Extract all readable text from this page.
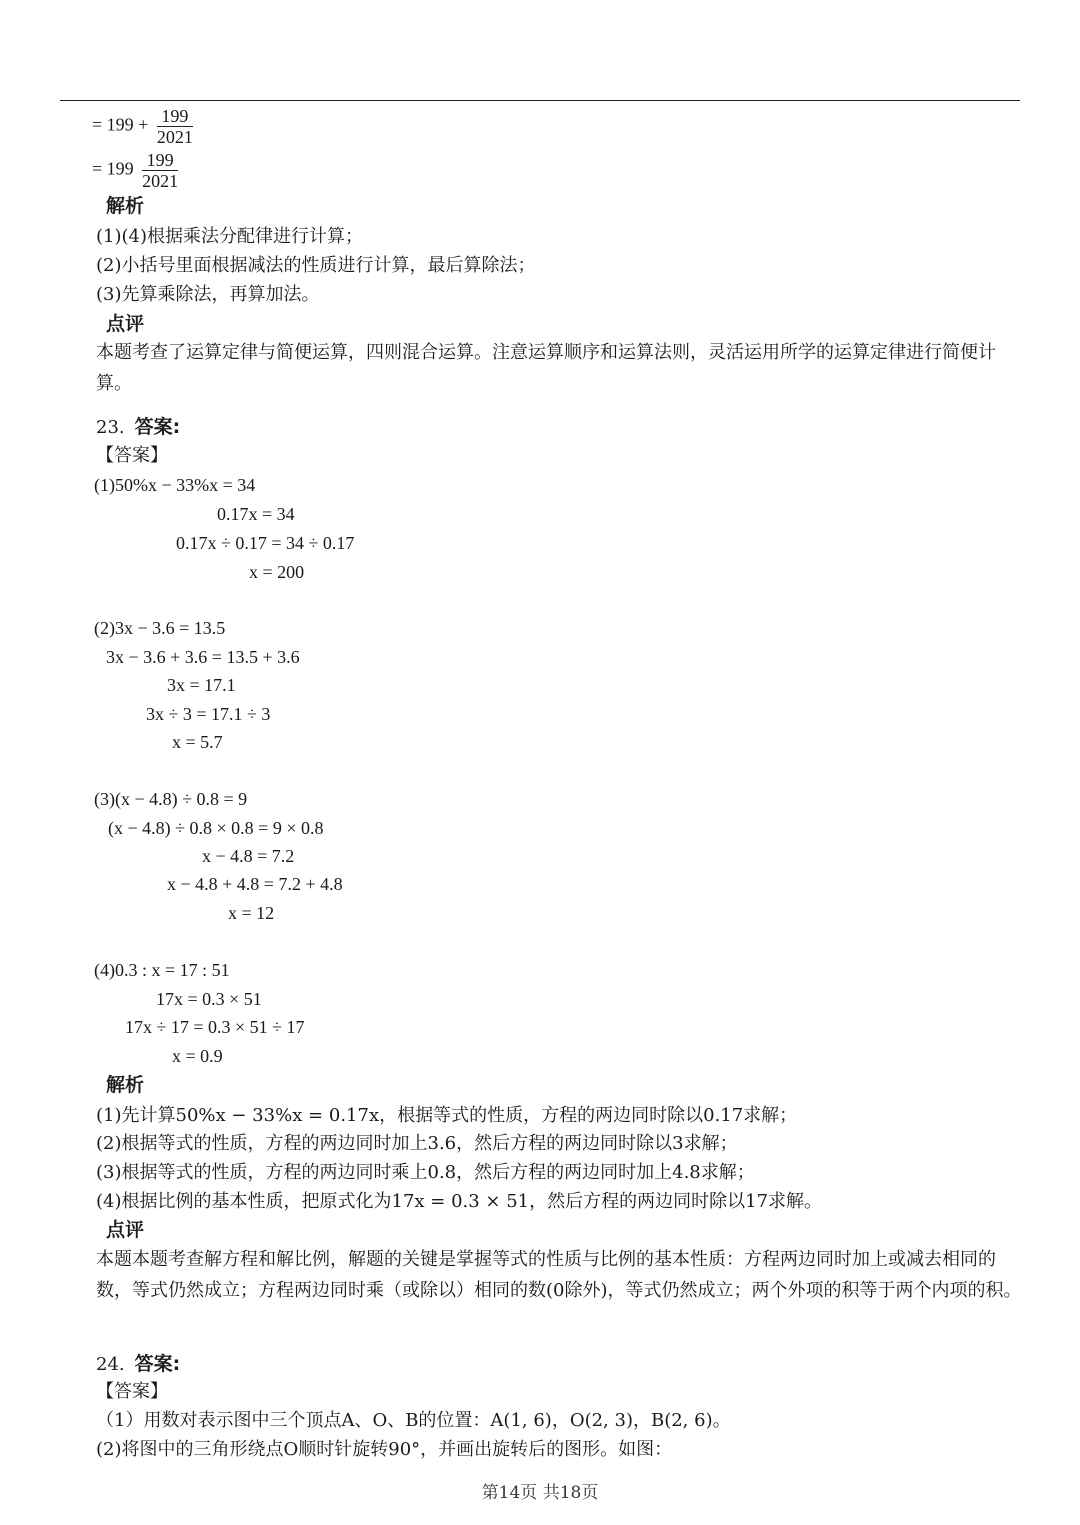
= $199 + \frac{199}{2021}$
= $199 \frac{199}{2021}$
解析
(1)(4)根据乘法分配律进行计算；
(2)小括号里面根据减法的性质进行计算，最后算除法；
(3)先算乘除法，再算加法。
点评
本题考查了运算定律与简便运算，四则混合运算。注意运算顺序和运算法则，灵活运用所学的运算定律进行简便计算。
23. 答案:
【答案】
(1)50%x − 33%x = 34
0.17x = 34
0.17x ÷ 0.17 = 34 ÷ 0.17
x = 200
(2)3x − 3.6 = 13.5
3x − 3.6 + 3.6 = 13.5 + 3.6
3x = 17.1
3x ÷ 3 = 17.1 ÷ 3
x = 5.7
(3)(x − 4.8) ÷ 0.8 = 9
(x − 4.8) ÷ 0.8 × 0.8 = 9 × 0.8
x − 4.8 = 7.2
x − 4.8 + 4.8 = 7.2 + 4.8
x = 12
(4)0.3 : x = 17 : 51
17x = 0.3 × 51
17x ÷ 17 = 0.3 × 51 ÷ 17
x = 0.9
解析
(1)先计算50%x − 33%x = 0.17x，根据等式的性质，方程的两边同时除以0.17求解；
(2)根据等式的性质，方程的两边同时加上3.6，然后方程的两边同时除以3求解；
(3)根据等式的性质，方程的两边同时乘上0.8，然后方程的两边同时加上4.8求解；
(4)根据比例的基本性质，把原式化为17x = 0.3 × 51，然后方程的两边同时除以17求解。
点评
本题本题考查解方程和解比例，解题的关键是掌握等式的性质与比例的基本性质：方程两边同时加上或减去相同的数，等式仍然成立；方程两边同时乘（或除以）相同的数(0除外)，等式仍然成立；两个外项的积等于两个内项的积。
24. 答案:
【答案】
（1）用数对表示图中三个顶点A、O、B的位置：A(1, 6)，O(2, 3)，B(2, 6)。
(2)将图中的三角形绕点O顺时针旋转90°，并画出旋转后的图形。如图：
第14页 共18页
